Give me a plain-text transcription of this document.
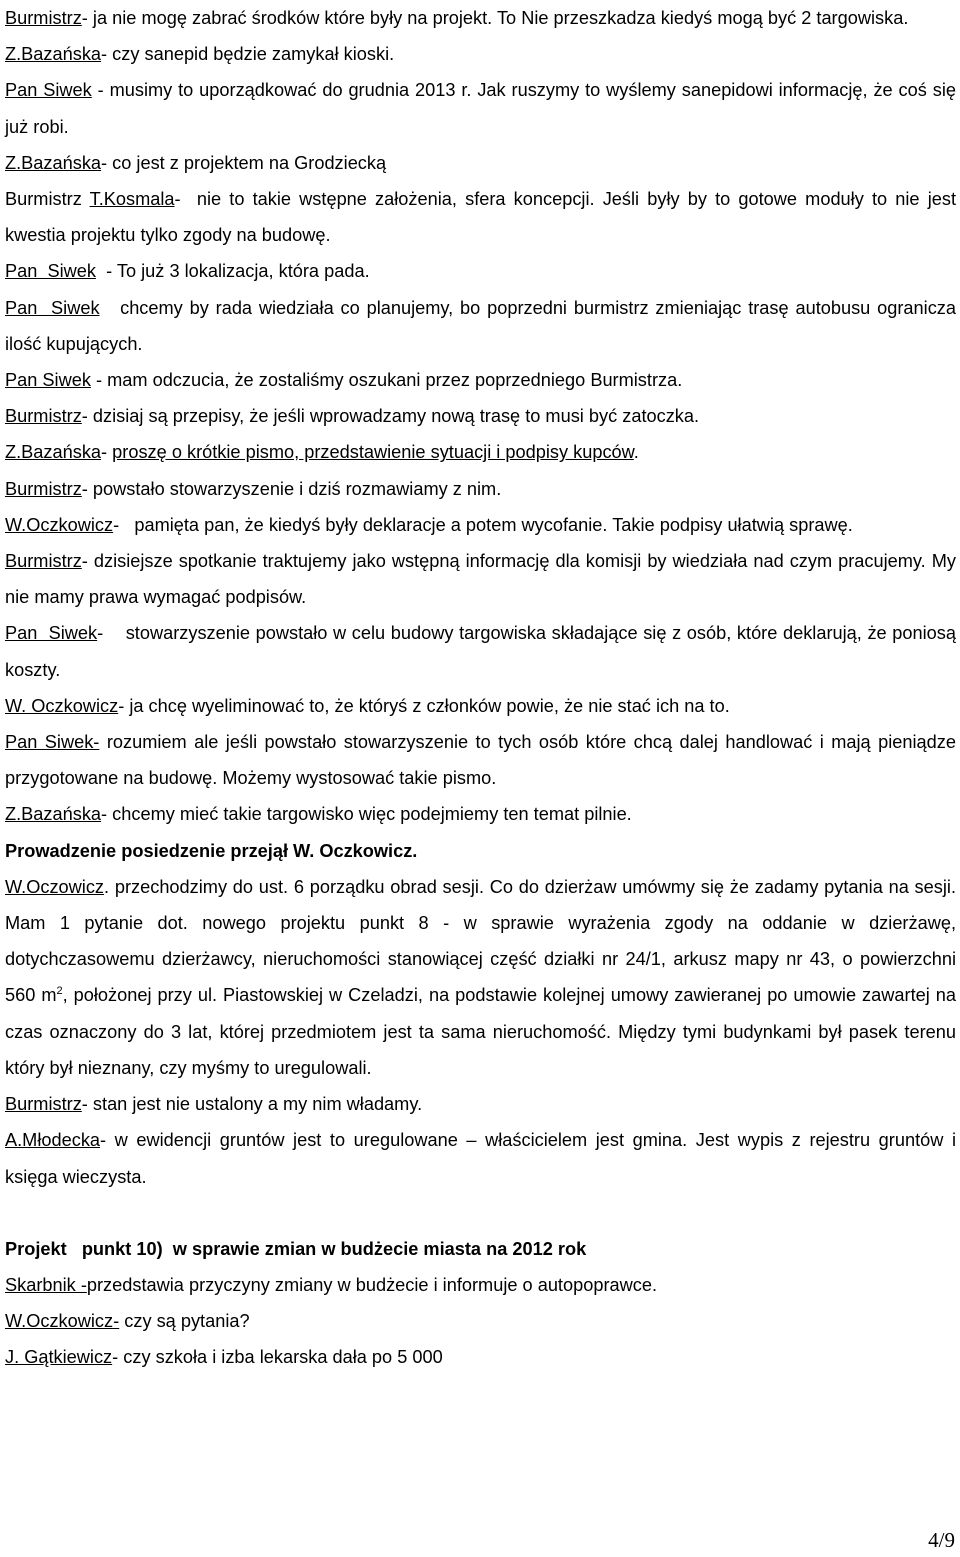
Burmistrz- ja nie mogę zabrać środków które były na projekt. To Nie przeszkadza kiedyś mogą być 2 targowiska.

Z.Bazańska- czy sanepid będzie zamykał kioski.

Pan Siwek - musimy to uporządkować do grudnia 2013 r. Jak ruszymy to wyślemy sanepidowi informację, że coś się już robi.

Z.Bazańska- co jest z projektem na Grodziecką

Burmistrz T.Kosmala-  nie to takie wstępne założenia, sfera koncepcji. Jeśli były by to gotowe moduły to nie jest kwestia projektu tylko zgody na budowę.

Pan  Siwek  - To już 3 lokalizacja, która pada.

Pan  Siwek chcemy by rada wiedziała co planujemy, bo poprzedni burmistrz zmieniając trasę autobusu ogranicza ilość kupujących.

Pan Siwek - mam odczucia, że zostaliśmy oszukani przez poprzedniego Burmistrza.

Burmistrz- dzisiaj są przepisy, że jeśli wprowadzamy nową trasę to musi być zatoczka.

Z.Bazańska- proszę o krótkie pismo, przedstawienie sytuacji i podpisy kupców.

Burmistrz- powstało stowarzyszenie i dziś rozmawiamy z nim.

W.Oczkowicz-   pamięta pan, że kiedyś były deklaracje a potem wycofanie. Takie podpisy ułatwią sprawę.

Burmistrz- dzisiejsze spotkanie traktujemy jako wstępną informację dla komisji by wiedziała nad czym pracujemy. My nie mamy prawa wymagać podpisów.

Pan  Siwek-    stowarzyszenie powstało w celu budowy targowiska składające się z osób, które deklarują, że poniosą koszty.

W. Oczkowicz- ja chcę wyeliminować to, że któryś z członków powie, że nie stać ich na to.

Pan Siwek- rozumiem ale jeśli powstało stowarzyszenie to tych osób które chcą dalej handlować i mają pieniądze przygotowane na budowę. Możemy wystosować takie pismo.

Z.Bazańska- chcemy mieć takie targowisko więc podejmiemy ten temat pilnie.

Prowadzenie posiedzenie przejął W. Oczkowicz.

W.Oczowicz. przechodzimy do ust. 6 porządku obrad sesji. Co do dzierżaw umówmy się że zadamy pytania na sesji. Mam 1 pytanie dot. nowego projektu punkt 8 - w sprawie wyrażenia zgody na oddanie w dzierżawę, dotychczasowemu dzierżawcy, nieruchomości stanowiącej część działki nr 24/1, arkusz mapy nr 43, o powierzchni 560 $m^2$, położonej przy ul. Piastowskiej w Czeladzi, na podstawie kolejnej umowy zawieranej po umowie zawartej na czas oznaczony do 3 lat, której przedmiotem jest ta sama nieruchomość. Między tymi budynkami był pasek terenu który był nieznany, czy myśmy to uregulowali.

Burmistrz- stan jest nie ustalony a my nim władamy.

A.Młodecka- w ewidencji gruntów jest to uregulowane – właścicielem jest gmina. Jest wypis z rejestru gruntów i księga wieczysta.

Projekt   punkt 10)  w sprawie zmian w budżecie miasta na 2012 rok

Skarbnik -przedstawia przyczyny zmiany w budżecie i informuje o autopoprawce.

W.Oczkowicz- czy są pytania?

J. Gątkiewicz- czy szkoła i izba lekarska dała po 5 000

4/9
